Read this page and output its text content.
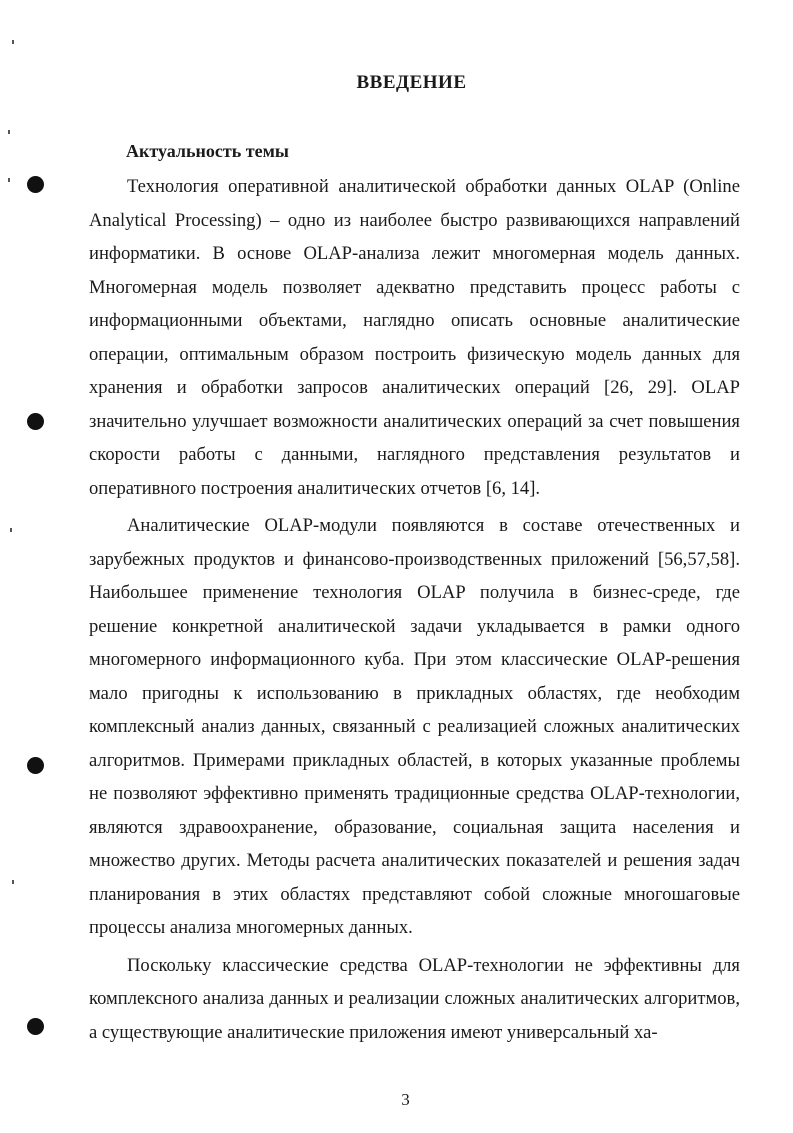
ВВЕДЕНИЕ
Актуальность темы

Технология оперативной аналитической обработки данных OLAP (Online Analytical Processing) – одно из наиболее быстро развивающихся направлений информатики. В основе OLAP-анализа лежит многомерная модель данных. Многомерная модель позволяет адекватно представить процесс работы с информационными объектами, наглядно описать основные аналитические операции, оптимальным образом построить физическую модель данных для хранения и обработки запросов аналитических операций [26, 29]. OLAP значительно улучшает возможности аналитических операций за счет повышения скорости работы с данными, наглядного представления результатов и оперативного построения аналитических отчетов [6, 14].

Аналитические OLAP-модули появляются в составе отечественных и зарубежных продуктов и финансово-производственных приложений [56,57,58]. Наибольшее применение технология OLAP получила в бизнес-среде, где решение конкретной аналитической задачи укладывается в рамки одного многомерного информационного куба. При этом классические OLAP-решения мало пригодны к использованию в прикладных областях, где необходим комплексный анализ данных, связанный с реализацией сложных аналитических алгоритмов. Примерами прикладных областей, в которых указанные проблемы не позволяют эффективно применять традиционные средства OLAP-технологии, являются здравоохранение, образование, социальная защита населения и множество других. Методы расчета аналитических показателей и решения задач планирования в этих областях представляют собой сложные многошаговые процессы анализа многомерных данных.

Поскольку классические средства OLAP-технологии не эффективны для комплексного анализа данных и реализации сложных аналитических алгоритмов, а существующие аналитические приложения имеют универсальный ха-

3
